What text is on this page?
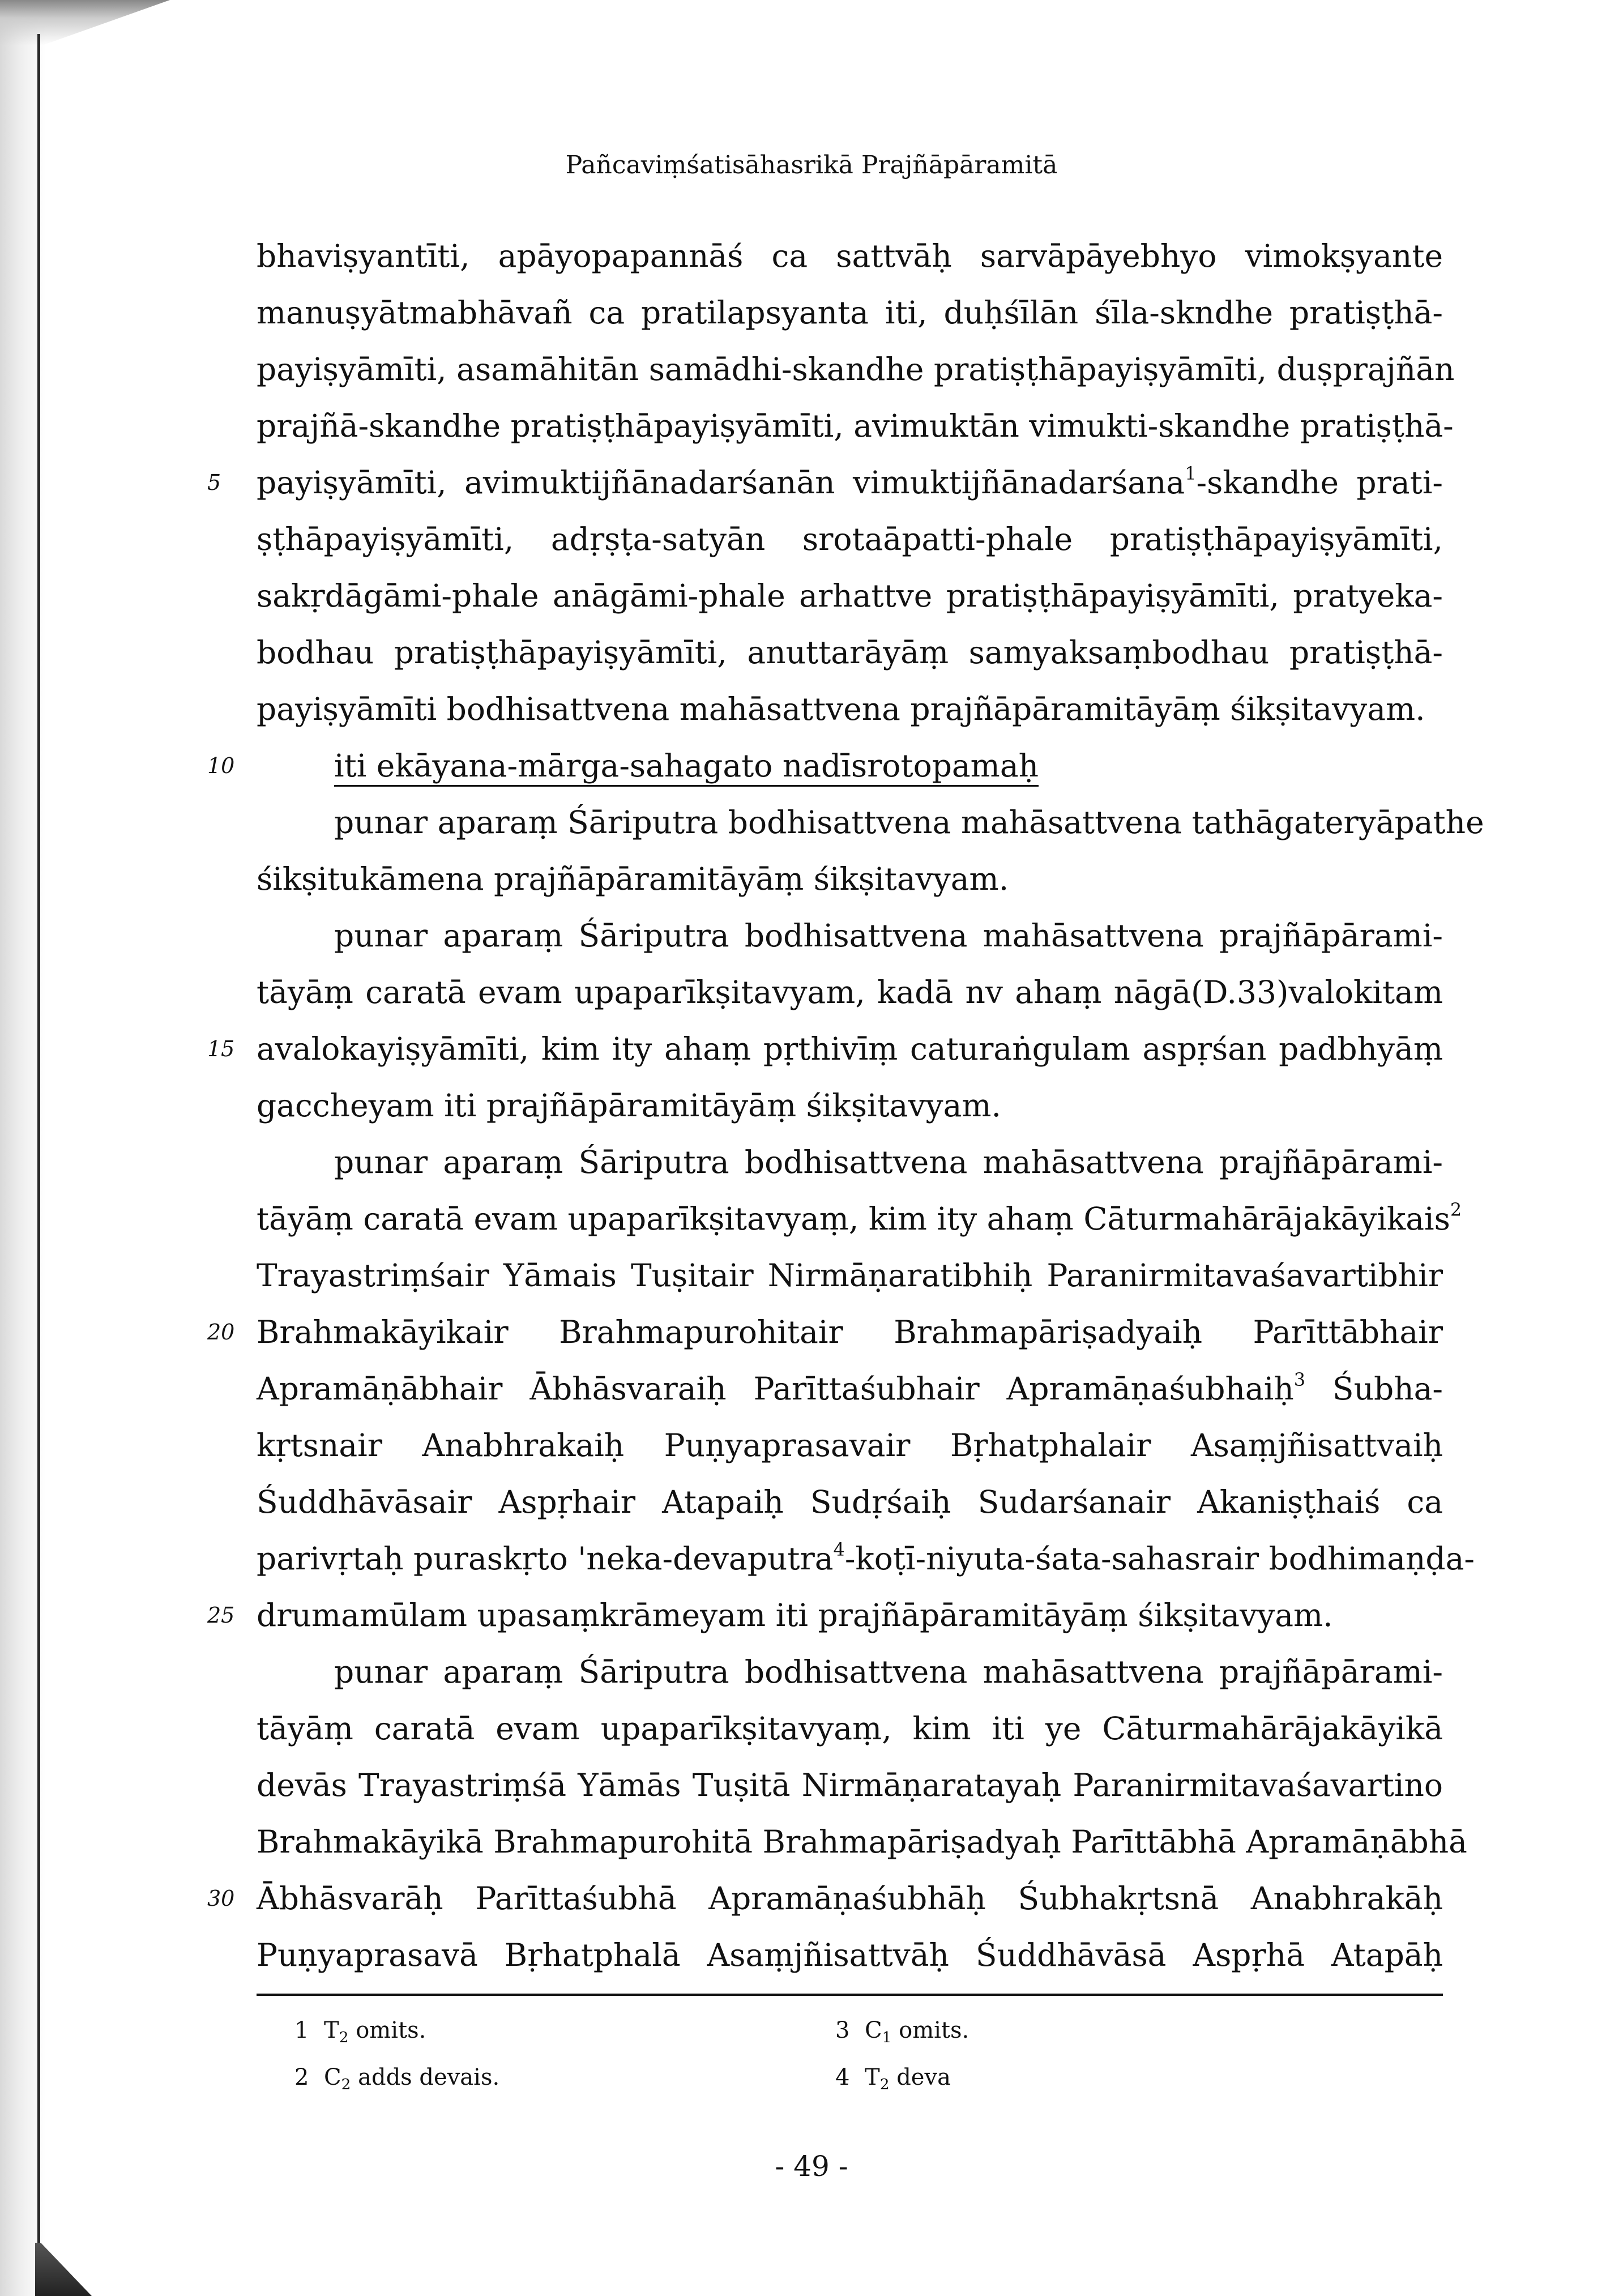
Pañcaviṃśatisāhasrikā Prajñāpāramitā
bhaviṣyantīti, apāyopapannāś ca sattvāḥ sarvāpāyebhyo vimokṣyante
manuṣyātmabhāvañ ca pratilapsyanta iti, duḥśīlān śīla-skndhe pratiṣṭhā-
payiṣyāmīti, asamāhitān samādhi-skandhe pratiṣṭhāpayiṣyāmīti, duṣprajñān
prajñā-skandhe pratiṣṭhāpayiṣyāmīti, avimuktān vimukti-skandhe pratiṣṭhā-
5	payiṣyāmīti, avimuktijñānadarśanān vimuktijñānadarśana$^1$-skandhe prati-
ṣṭhāpayiṣyāmīti, adṛṣṭa-satyān srotaāpatti-phale pratiṣṭhāpayiṣyāmīti,
sakṛdāgāmi-phale anāgāmi-phale arhattve pratiṣṭhāpayiṣyāmīti, pratyeka-
bodhau pratiṣṭhāpayiṣyāmīti, anuttarāyāṃ samyaksaṃbodhau pratiṣṭhā-
payiṣyāmīti bodhisattvena mahāsattvena prajñāpāramitāyāṃ śikṣitavyam.
10	iti ekāyana-mārga-sahagato nadīsrotopamaḥ
punar aparaṃ Śāriputra bodhisattvena mahāsattvena tathāgateryāpathe
śikṣitukāmena prajñāpāramitāyāṃ śikṣitavyam.
punar aparaṃ Śāriputra bodhisattvena mahāsattvena prajñāpārami-
tāyāṃ caratā evam upaparīkṣitavyam, kadā nv ahaṃ nāgā(D.33)valokitam
15 avalokayiṣyāmīti, kim ity ahaṃ pṛthivīṃ caturaṅgulam aspṛśan padbhyāṃ
gaccheyam iti prajñāpāramitāyāṃ śikṣitavyam.
punar aparaṃ Śāriputra bodhisattvena mahāsattvena prajñāpārami-
tāyāṃ caratā evam upaparīkṣitavyaṃ, kim ity ahaṃ Cāturmahārājakāyikais$^2$
Trayastriṃśair Yāmais Tuṣitair Nirmāṇaratibhiḥ Paranirmitavaśavartibhir
20 Brahmakāyikair Brahmapurohitair Brahmapāriṣadyaiḥ Parīttābhair
Apramāṇābhair Ābhāsvaraiḥ Parīttaśubhair Apramāṇaśubhaiḥ$^3$ Śubha-
kṛtsnair Anabhrakaiḥ Puṇyaprasavair Bṛhatphalair Asaṃjñisattvaiḥ
Śuddhāvāsair Aspṛhair Atapaiḥ Sudṛśaiḥ Sudarśanair Akaniṣṭhaiś ca
parivṛtaḥ puraskṛto 'neka-devaputra$^4$-koṭī-niyuta-śata-sahasrair bodhimaṇḍa-
25 drumamūlam upasaṃkrāmeyam iti prajñāpāramitāyāṃ śikṣitavyam.
punar aparaṃ Śāriputra bodhisattvena mahāsattvena prajñāpārami-
tāyāṃ caratā evam upaparīkṣitavyaṃ, kim iti ye Cāturmahārājakāyikā
devās Trayastriṃśā Yāmās Tuṣitā Nirmāṇaratayaḥ Paranirmitavaśavartino
Brahmakāyikā Brahmapurohitā Brahmapāriṣadyaḥ Parīttābhā Apramāṇābhā
30 Ābhāsvarāḥ Parīttaśubhā Apramāṇaśubhāḥ Śubhakṛtsnā Anabhrakāḥ
Puṇyaprasavā Bṛhatphalā Asaṃjñisattvāḥ Śuddhāvāsā Aspṛhā Atapāḥ
1 $T_2$ omits.
2 $C_2$ adds devais.
3 $C_1$ omits.
4 $T_2$ deva
- 49 -
